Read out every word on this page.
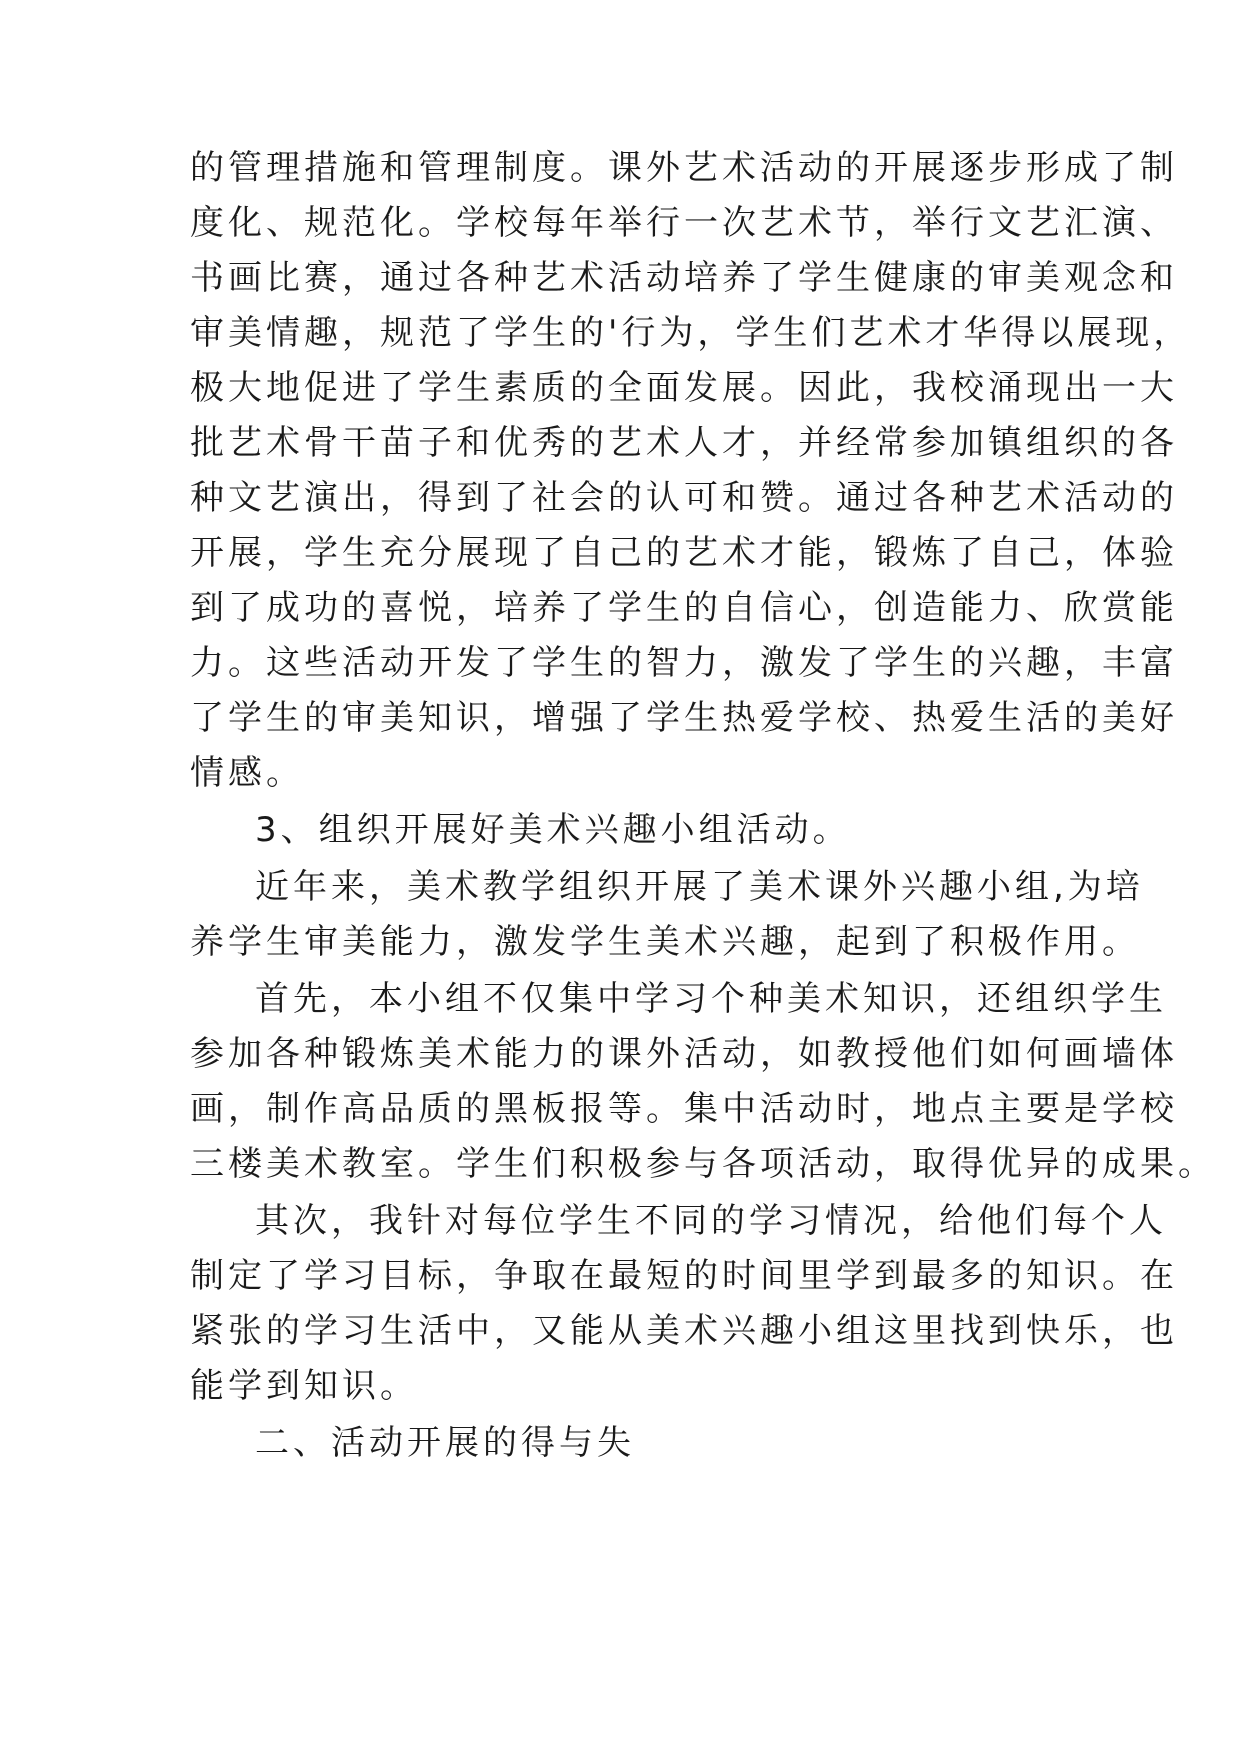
的管理措施和管理制度。课外艺术活动的开展逐步形成了制
度化、规范化。学校每年举行一次艺术节，举行文艺汇演、
书画比赛，通过各种艺术活动培养了学生健康的审美观念和
审美情趣，规范了学生的'行为，学生们艺术才华得以展现，
极大地促进了学生素质的全面发展。因此，我校涌现出一大
批艺术骨干苗子和优秀的艺术人才，并经常参加镇组织的各
种文艺演出，得到了社会的认可和赞。通过各种艺术活动的
开展，学生充分展现了自己的艺术才能，锻炼了自己，体验
到了成功的喜悦，培养了学生的自信心，创造能力、欣赏能
力。这些活动开发了学生的智力，激发了学生的兴趣，丰富
了学生的审美知识，增强了学生热爱学校、热爱生活的美好
情感。
3、组织开展好美术兴趣小组活动。
近年来，美术教学组织开展了美术课外兴趣小组,为培
养学生审美能力，激发学生美术兴趣，起到了积极作用。
首先，本小组不仅集中学习个种美术知识，还组织学生
参加各种锻炼美术能力的课外活动，如教授他们如何画墙体
画，制作高品质的黑板报等。集中活动时，地点主要是学校
三楼美术教室。学生们积极参与各项活动，取得优异的成果。
其次，我针对每位学生不同的学习情况，给他们每个人
制定了学习目标，争取在最短的时间里学到最多的知识。在
紧张的学习生活中，又能从美术兴趣小组这里找到快乐，也
能学到知识。
二、活动开展的得与失
